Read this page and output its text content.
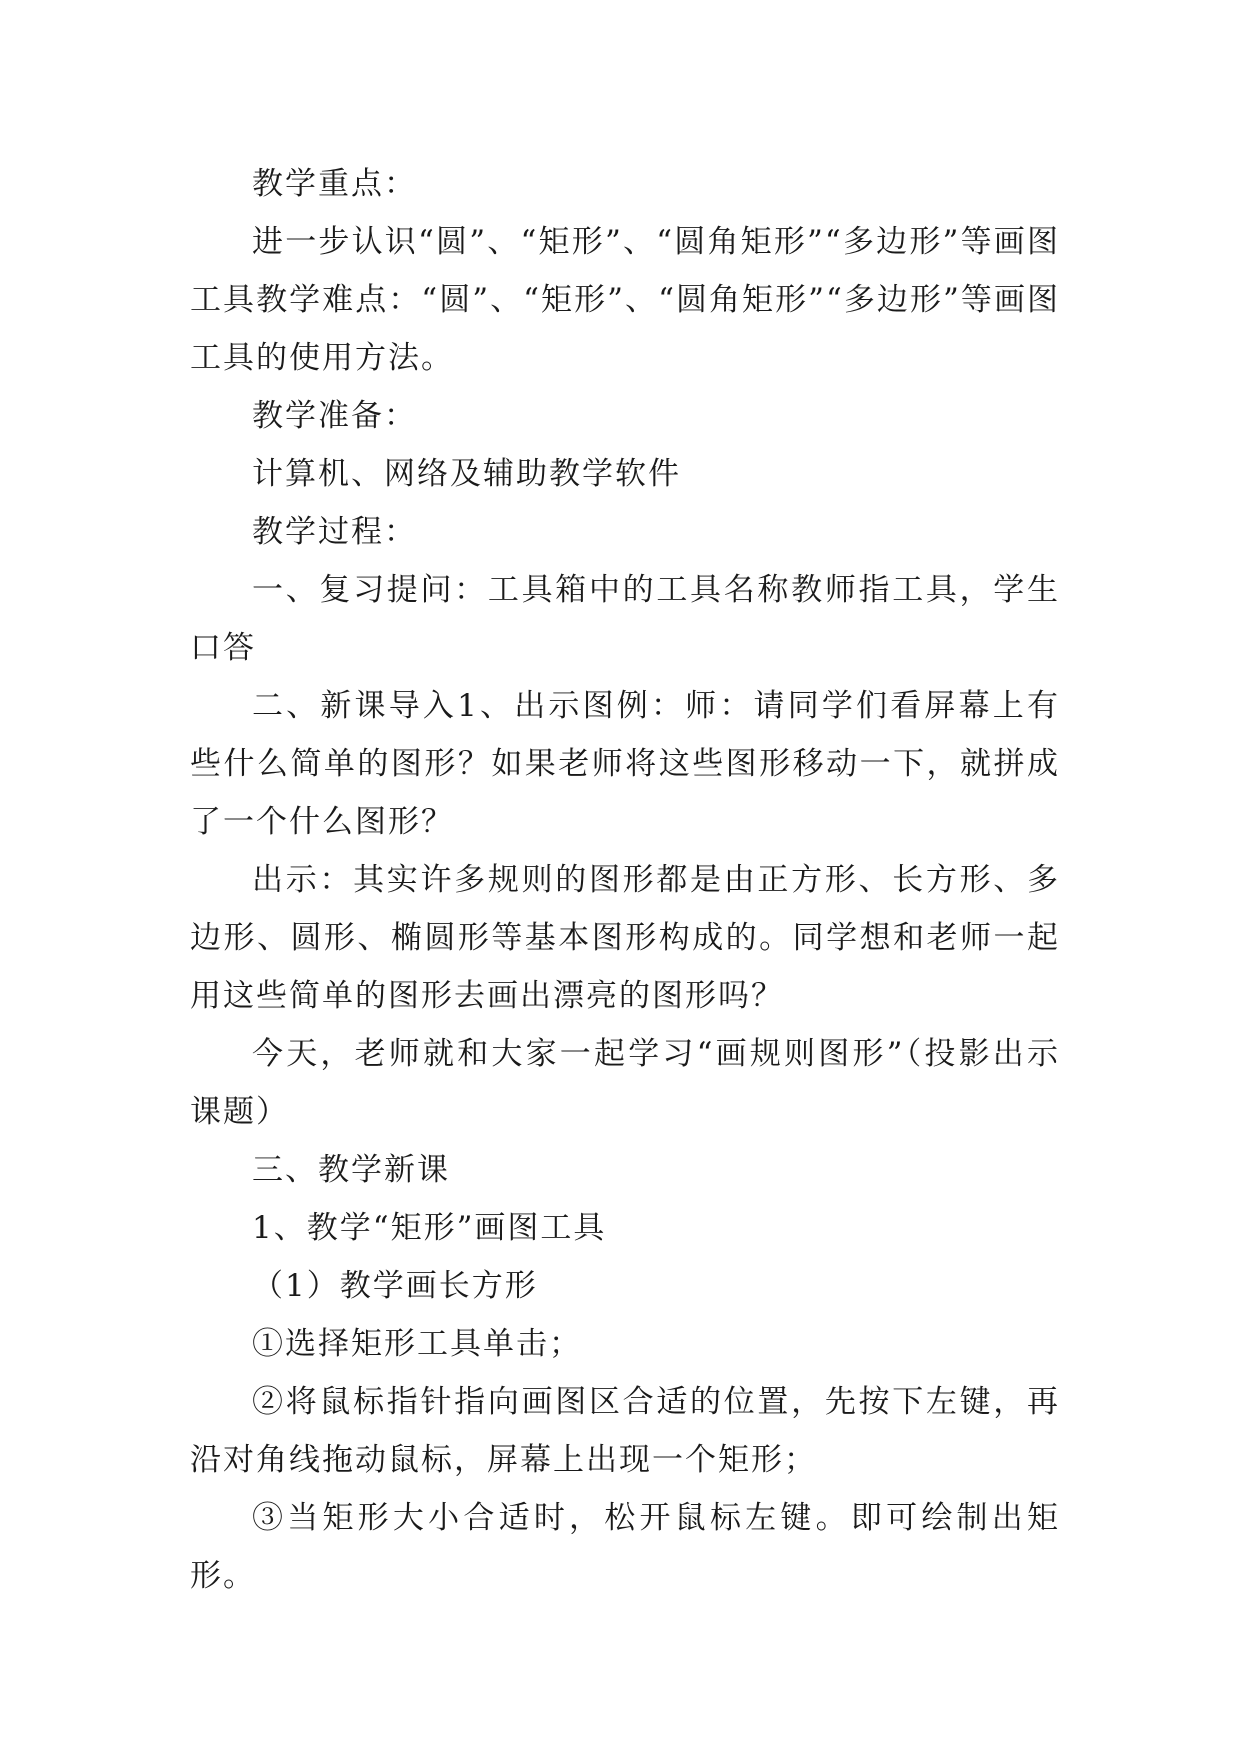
教学重点：

进一步认识“圆”、“矩形”、“圆角矩形”“多边形”等画图工具教学难点：“圆”、“矩形”、“圆角矩形”“多边形”等画图工具的使用方法。

教学准备：

计算机、网络及辅助教学软件

教学过程：

一、复习提问：工具箱中的工具名称教师指工具，学生口答

二、新课导入1、出示图例：师：请同学们看屏幕上有些什么简单的图形？如果老师将这些图形移动一下，就拼成了一个什么图形？

出示：其实许多规则的图形都是由正方形、长方形、多边形、圆形、椭圆形等基本图形构成的。同学想和老师一起用这些简单的图形去画出漂亮的图形吗？

今天，老师就和大家一起学习“画规则图形”（投影出示课题）

三、教学新课

1、教学“矩形”画图工具

（1）教学画长方形

①选择矩形工具单击；

②将鼠标指针指向画图区合适的位置，先按下左键，再沿对角线拖动鼠标，屏幕上出现一个矩形；

③当矩形大小合适时，松开鼠标左键。即可绘制出矩形。
